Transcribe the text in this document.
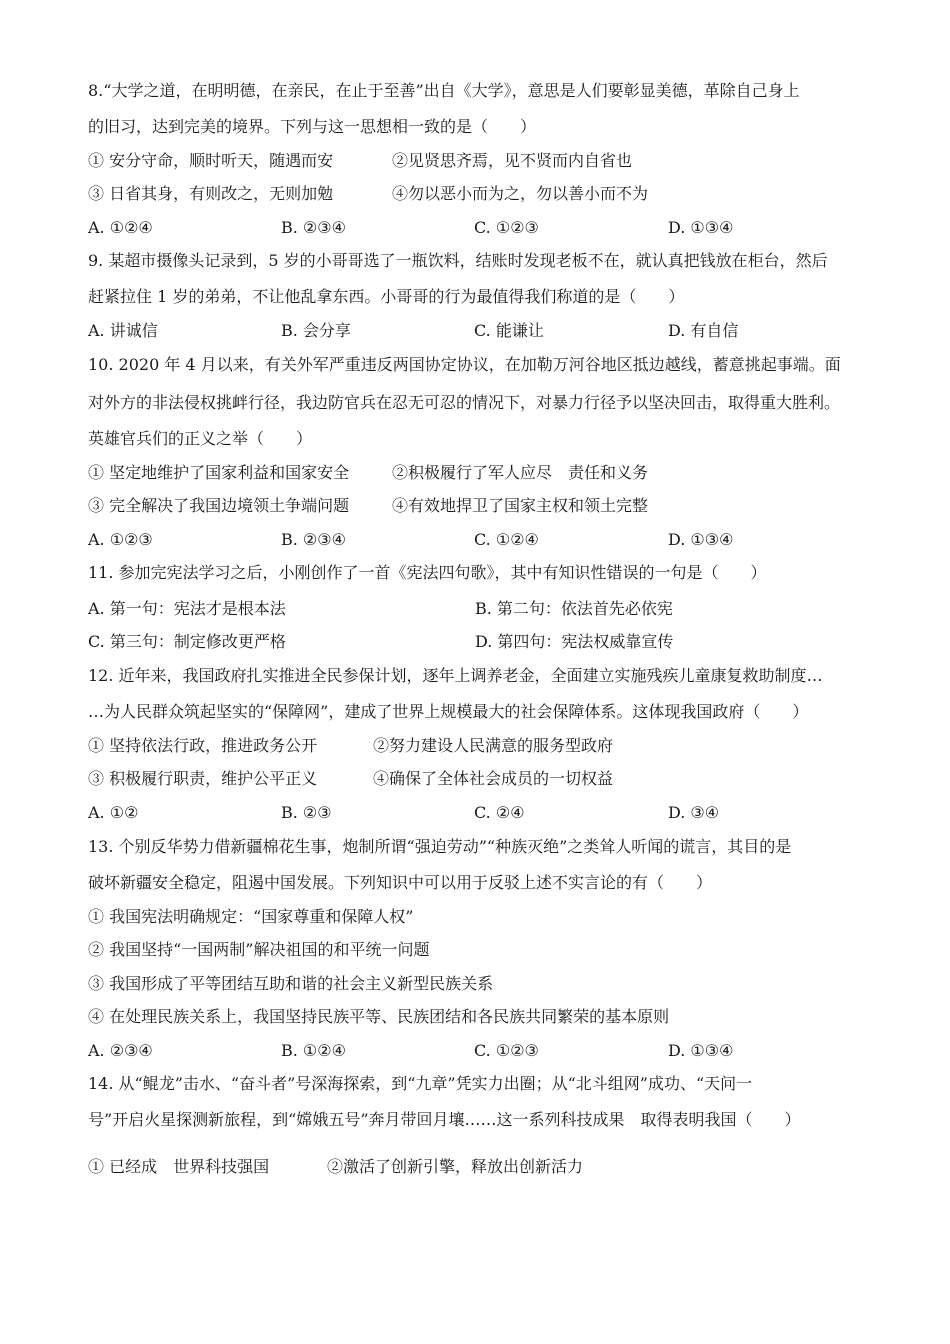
8.“大学之道，在明明德，在亲民，在止于至善”出自《大学》，意思是人们要彰显美德，革除自己身上
的旧习，达到完美的境界。下列与这一思想相一致的是（　　）
① 安分守命，顺时听天，随遇而安	②见贤思齐焉，见不贤而内自省也
③ 日省其身，有则改之，无则加勉	④勿以恶小而为之，勿以善小而不为
A. ①②④	B. ②③④	C. ①②③	D. ①③④
9. 某超市摄像头记录到，5 岁的小哥哥选了一瓶饮料，结账时发现老板不在，就认真把钱放在柜台，然后
赶紧拉住 1 岁的弟弟，不让他乱拿东西。小哥哥的行为最值得我们称道的是（　　）
A. 讲诚信	B. 会分享	C. 能谦让	D. 有自信
10. 2020 年 4 月以来，有关外军严重违反两国协定协议，在加勒万河谷地区抵边越线，蓄意挑起事端。面
对外方的非法侵权挑衅行径，我边防官兵在忍无可忍的情况下，对暴力行径予以坚决回击，取得重大胜利。
英雄官兵们的正义之举（　　）
① 坚定地维护了国家利益和国家安全	②积极履行了军人应尽　责任和义务
③ 完全解决了我国边境领土争端问题	④有效地捍卫了国家主权和领土完整
A. ①②③	B. ②③④	C. ①②④	D. ①③④
11. 参加完宪法学习之后，小刚创作了一首《宪法四句歌》，其中有知识性错误的一句是（　　）
A. 第一句：宪法才是根本法	B. 第二句：依法首先必依宪
C. 第三句：制定修改更严格	D. 第四句：宪法权威靠宣传
12. 近年来，我国政府扎实推进全民参保计划，逐年上调养老金，全面建立实施残疾儿童康复救助制度…
…为人民群众筑起坚实的“保障网”，建成了世界上规模最大的社会保障体系。这体现我国政府（　　）
① 坚持依法行政，推进政务公开	②努力建设人民满意的服务型政府
③ 积极履行职责，维护公平正义	④确保了全体社会成员的一切权益
A. ①②	B. ②③	C. ②④	D. ③④
13. 个别反华势力借新疆棉花生事，炮制所谓“强迫劳动”“种族灭绝”之类耸人听闻的谎言，其目的是
破坏新疆安全稳定，阻遏中国发展。下列知识中可以用于反驳上述不实言论的有（　　）
① 我国宪法明确规定：“国家尊重和保障人权”
② 我国坚持“一国两制”解决祖国的和平统一问题
③ 我国形成了平等团结互助和谐的社会主义新型民族关系
④ 在处理民族关系上，我国坚持民族平等、民族团结和各民族共同繁荣的基本原则
A. ②③④	B. ①②④	C. ①②③	D. ①③④
14. 从“鲲龙”击水、“奋斗者”号深海探索，到“九章”凭实力出圈；从“北斗组网”成功、“天问一
号”开启火星探测新旅程，到“嫦娥五号”奔月带回月壤……这一系列科技成果　取得表明我国（　　）
① 已经成　世界科技强国	②激活了创新引擎，释放出创新活力
